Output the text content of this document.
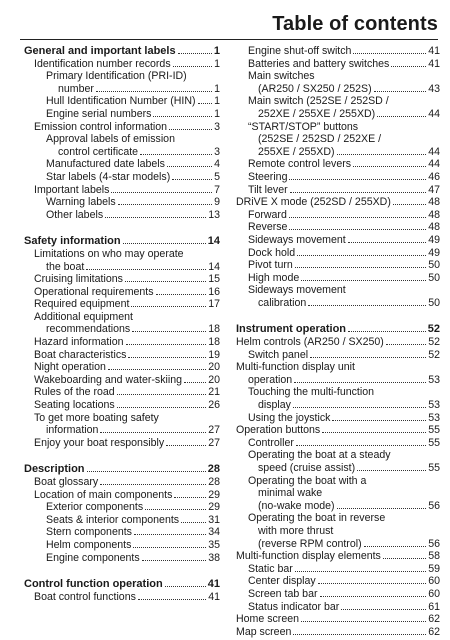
Table of contents
General and important labels	1
Identification number records	1
Primary Identification (PRI-ID)
number	1
Hull Identification Number (HIN) 1
Engine serial numbers	1
Emission control information	3
Approval labels of emission
control certificate	3
Manufactured date labels	4
Star labels (4-star models)	5
Important labels	7
Warning labels	9
Other labels	13
Safety information	14
Limitations on who may operate
the boat	14
Cruising limitations	15
Operational requirements	16
Required equipment	17
Additional equipment
recommendations	18
Hazard information	18
Boat characteristics	19
Night operation	20
Wakeboarding and water-skiing 20
Rules of the road	21
Seating locations	26
To get more boating safety
information	27
Enjoy your boat responsibly	27
Description	28
Boat glossary	28
Location of main components	29
Exterior components	29
Seats & interior components	31
Stern components	34
Helm components	35
Engine components	38
Control function operation	41
Boat control functions	41
Engine shut-off switch	41
Batteries and battery switches	41
Main switches
(AR250 / SX250 / 252S)	43
Main switch (252SE / 252SD /
252XE / 255XE / 255XD)	44
“START/STOP” buttons
(252SE / 252SD / 252XE /
255XE / 255XD)	44
Remote control levers	44
Steering	46
Tilt lever	47
DRiVE X mode (252SD / 255XD)	48
Forward	48
Reverse	48
Sideways movement	49
Dock hold	49
Pivot turn	50
High mode	50
Sideways movement
calibration	50
Instrument operation	52
Helm controls (AR250 / SX250)	52
Switch panel	52
Multi-function display unit
operation	53
Touching the multi-function
display	53
Using the joystick	53
Operation buttons	55
Controller	55
Operating the boat at a steady
speed (cruise assist)	55
Operating the boat with a
minimal wake
(no-wake mode)	56
Operating the boat in reverse
with more thrust
(reverse RPM control)	56
Multi-function display elements	58
Static bar	59
Center display	60
Screen tab bar	60
Status indicator bar	61
Home screen	62
Map screen	62
